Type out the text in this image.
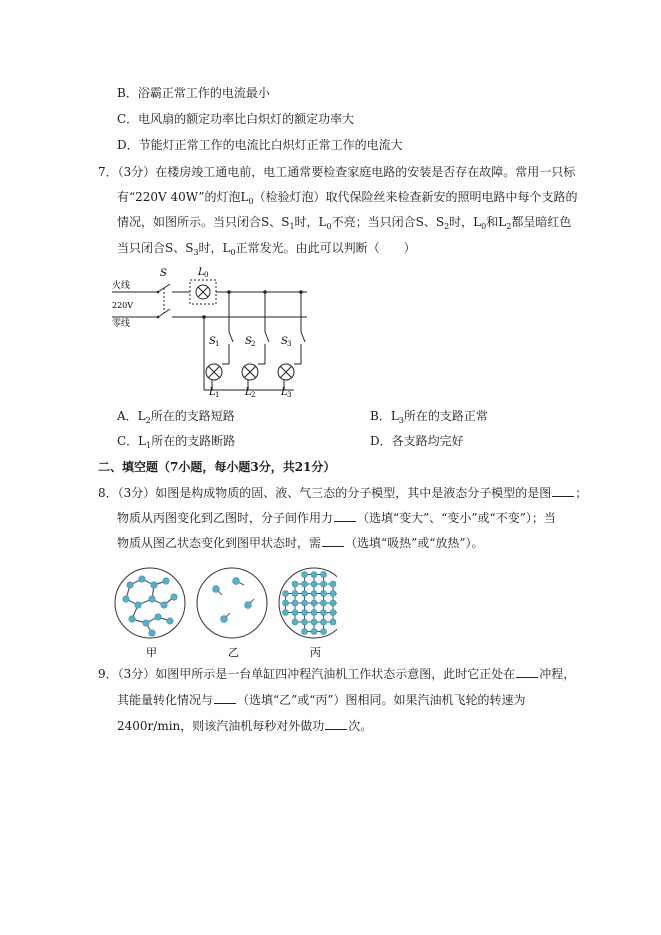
B．浴霸正常工作的电流最小
C．电风扇的额定功率比白炽灯的额定功率大
D．节能灯正常工作的电流比白炽灯正常工作的电流大
7．（3分）在楼房竣工通电前，电工通常要检查家庭电路的安装是否存在故障。常用一只标
有“220V 40W”的灯泡$L_0$（检验灯泡）取代保险丝来检查新安的照明电路中每个支路的
情况，如图所示。当只闭合S、$S_1$时，$L_0$不亮；当只闭合S、$S_2$时，$L_0$和$L_2$都呈暗红色
当只闭合S、$S_3$时，$L_0$正常发光。由此可以判断（　　）
火线
220V
零线
S	L 0
S 1	S 2	S 3
L 1	L 2	L 3
A．$L_2$所在的支路短路	B．$L_3$所在的支路正常
C．$L_1$所在的支路断路	D．各支路均完好
二、填空题（7小题，每小题3分，共21分）
8．（3分）如图是构成物质的固、液、气三态的分子模型，其中是液态分子模型的是图 ；
物质从丙图变化到乙图时，分子间作用力 （选填“变大”、“变小”或“不变”）；当
物质从图乙状态变化到图甲状态时，需 （选填“吸热”或“放热”）。
甲	乙	丙
9．（3分）如图甲所示是一台单缸四冲程汽油机工作状态示意图，此时它正处在 冲程，
其能量转化情况与 （选填“乙”或“丙”）图相同。如果汽油机飞轮的转速为
2400r/min，则该汽油机每秒对外做功 次。
